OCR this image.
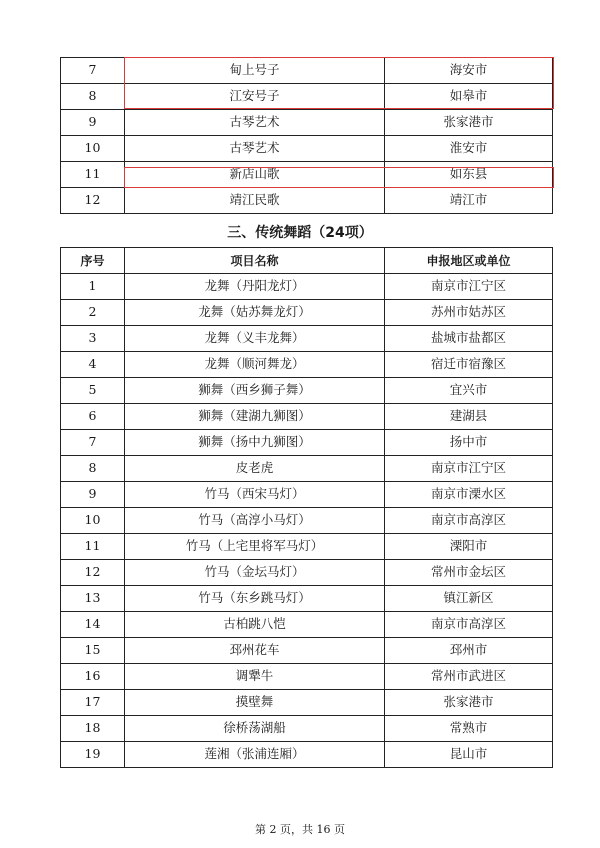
7	甸上号子	海安市
8	江安号子	如皋市
9	古琴艺术	张家港市
10	古琴艺术	淮安市
11	新店山歌	如东县
12	靖江民歌	靖江市
三、传统舞蹈（24项）
序号	项目名称	申报地区或单位
1	龙舞（丹阳龙灯）	南京市江宁区
2	龙舞（姑苏舞龙灯）	苏州市姑苏区
3	龙舞（义丰龙舞）	盐城市盐都区
4	龙舞（顺河舞龙）	宿迁市宿豫区
5	狮舞（西乡狮子舞）	宜兴市
6	狮舞（建湖九狮图）	建湖县
7	狮舞（扬中九狮图）	扬中市
8	皮老虎	南京市江宁区
9	竹马（西宋马灯）	南京市溧水区
10	竹马（高淳小马灯）	南京市高淳区
11	竹马（上宅里将军马灯）	溧阳市
12	竹马（金坛马灯）	常州市金坛区
13	竹马（东乡跳马灯）	镇江新区
14	古柏跳八恺	南京市高淳区
15	邳州花车	邳州市
16	调犟牛	常州市武进区
17	摸壁舞	张家港市
18	徐桥荡湖船	常熟市
19	莲湘（张浦连厢）	昆山市
第 2 页，共 16 页
